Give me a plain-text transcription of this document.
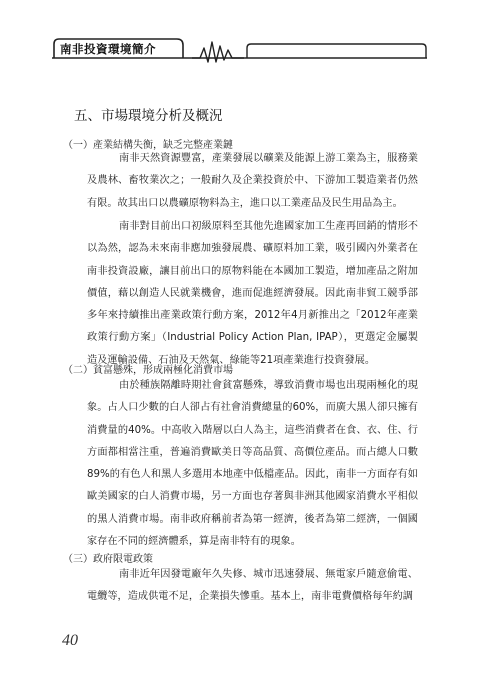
南非投資環境簡介
五、市場環境分析及概況
（一）產業結構失衡，缺乏完整產業鏈

南非天然資源豐富，產業發展以礦業及能源上游工業為主，服務業及農林、畜牧業次之；一般耐久及企業投資於中、下游加工製造業者仍然有限。故其出口以農礦原物料為主，進口以工業產品及民生用品為主。

南非對目前出口初級原料至其他先進國家加工生產再回銷的情形不以為然，認為未來南非應加強發展農、礦原料加工業，吸引國內外業者在南非投資設廠，讓目前出口的原物料能在本國加工製造，增加產品之附加價值，藉以創造人民就業機會，進而促進經濟發展。因此南非貿工競爭部多年來持續推出產業政策行動方案，2012年4月新推出之「2012年產業政策行動方案」（Industrial Policy Action Plan, IPAP），更選定金屬製造及運輸設備、石油及天然氣、綠能等21項產業進行投資發展。

（二）貧富懸殊，形成兩極化消費市場

由於種族隔離時期社會貧富懸殊，導致消費市場也出現兩極化的現象。占人口少數的白人卻占有社會消費總量的60%，而廣大黑人卻只擁有消費量的40%。中高收入階層以白人為主，這些消費者在食、衣、住、行方面都相當注重，普遍消費歐美日等高品質、高價位產品。而占總人口數89%的有色人和黑人多選用本地產中低檔產品。因此，南非一方面存有如歐美國家的白人消費市場，另一方面也存著與非洲其他國家消費水平相似的黑人消費市場。南非政府稱前者為第一經濟，後者為第二經濟，一個國家存在不同的經濟體系，算是南非特有的現象。

（三）政府限電政策

南非近年因發電廠年久失修、城市迅速發展、無電家戶隨意偷電、電纜等，造成供電不足，企業損失慘重。基本上，南非電費價格每年約調

40
